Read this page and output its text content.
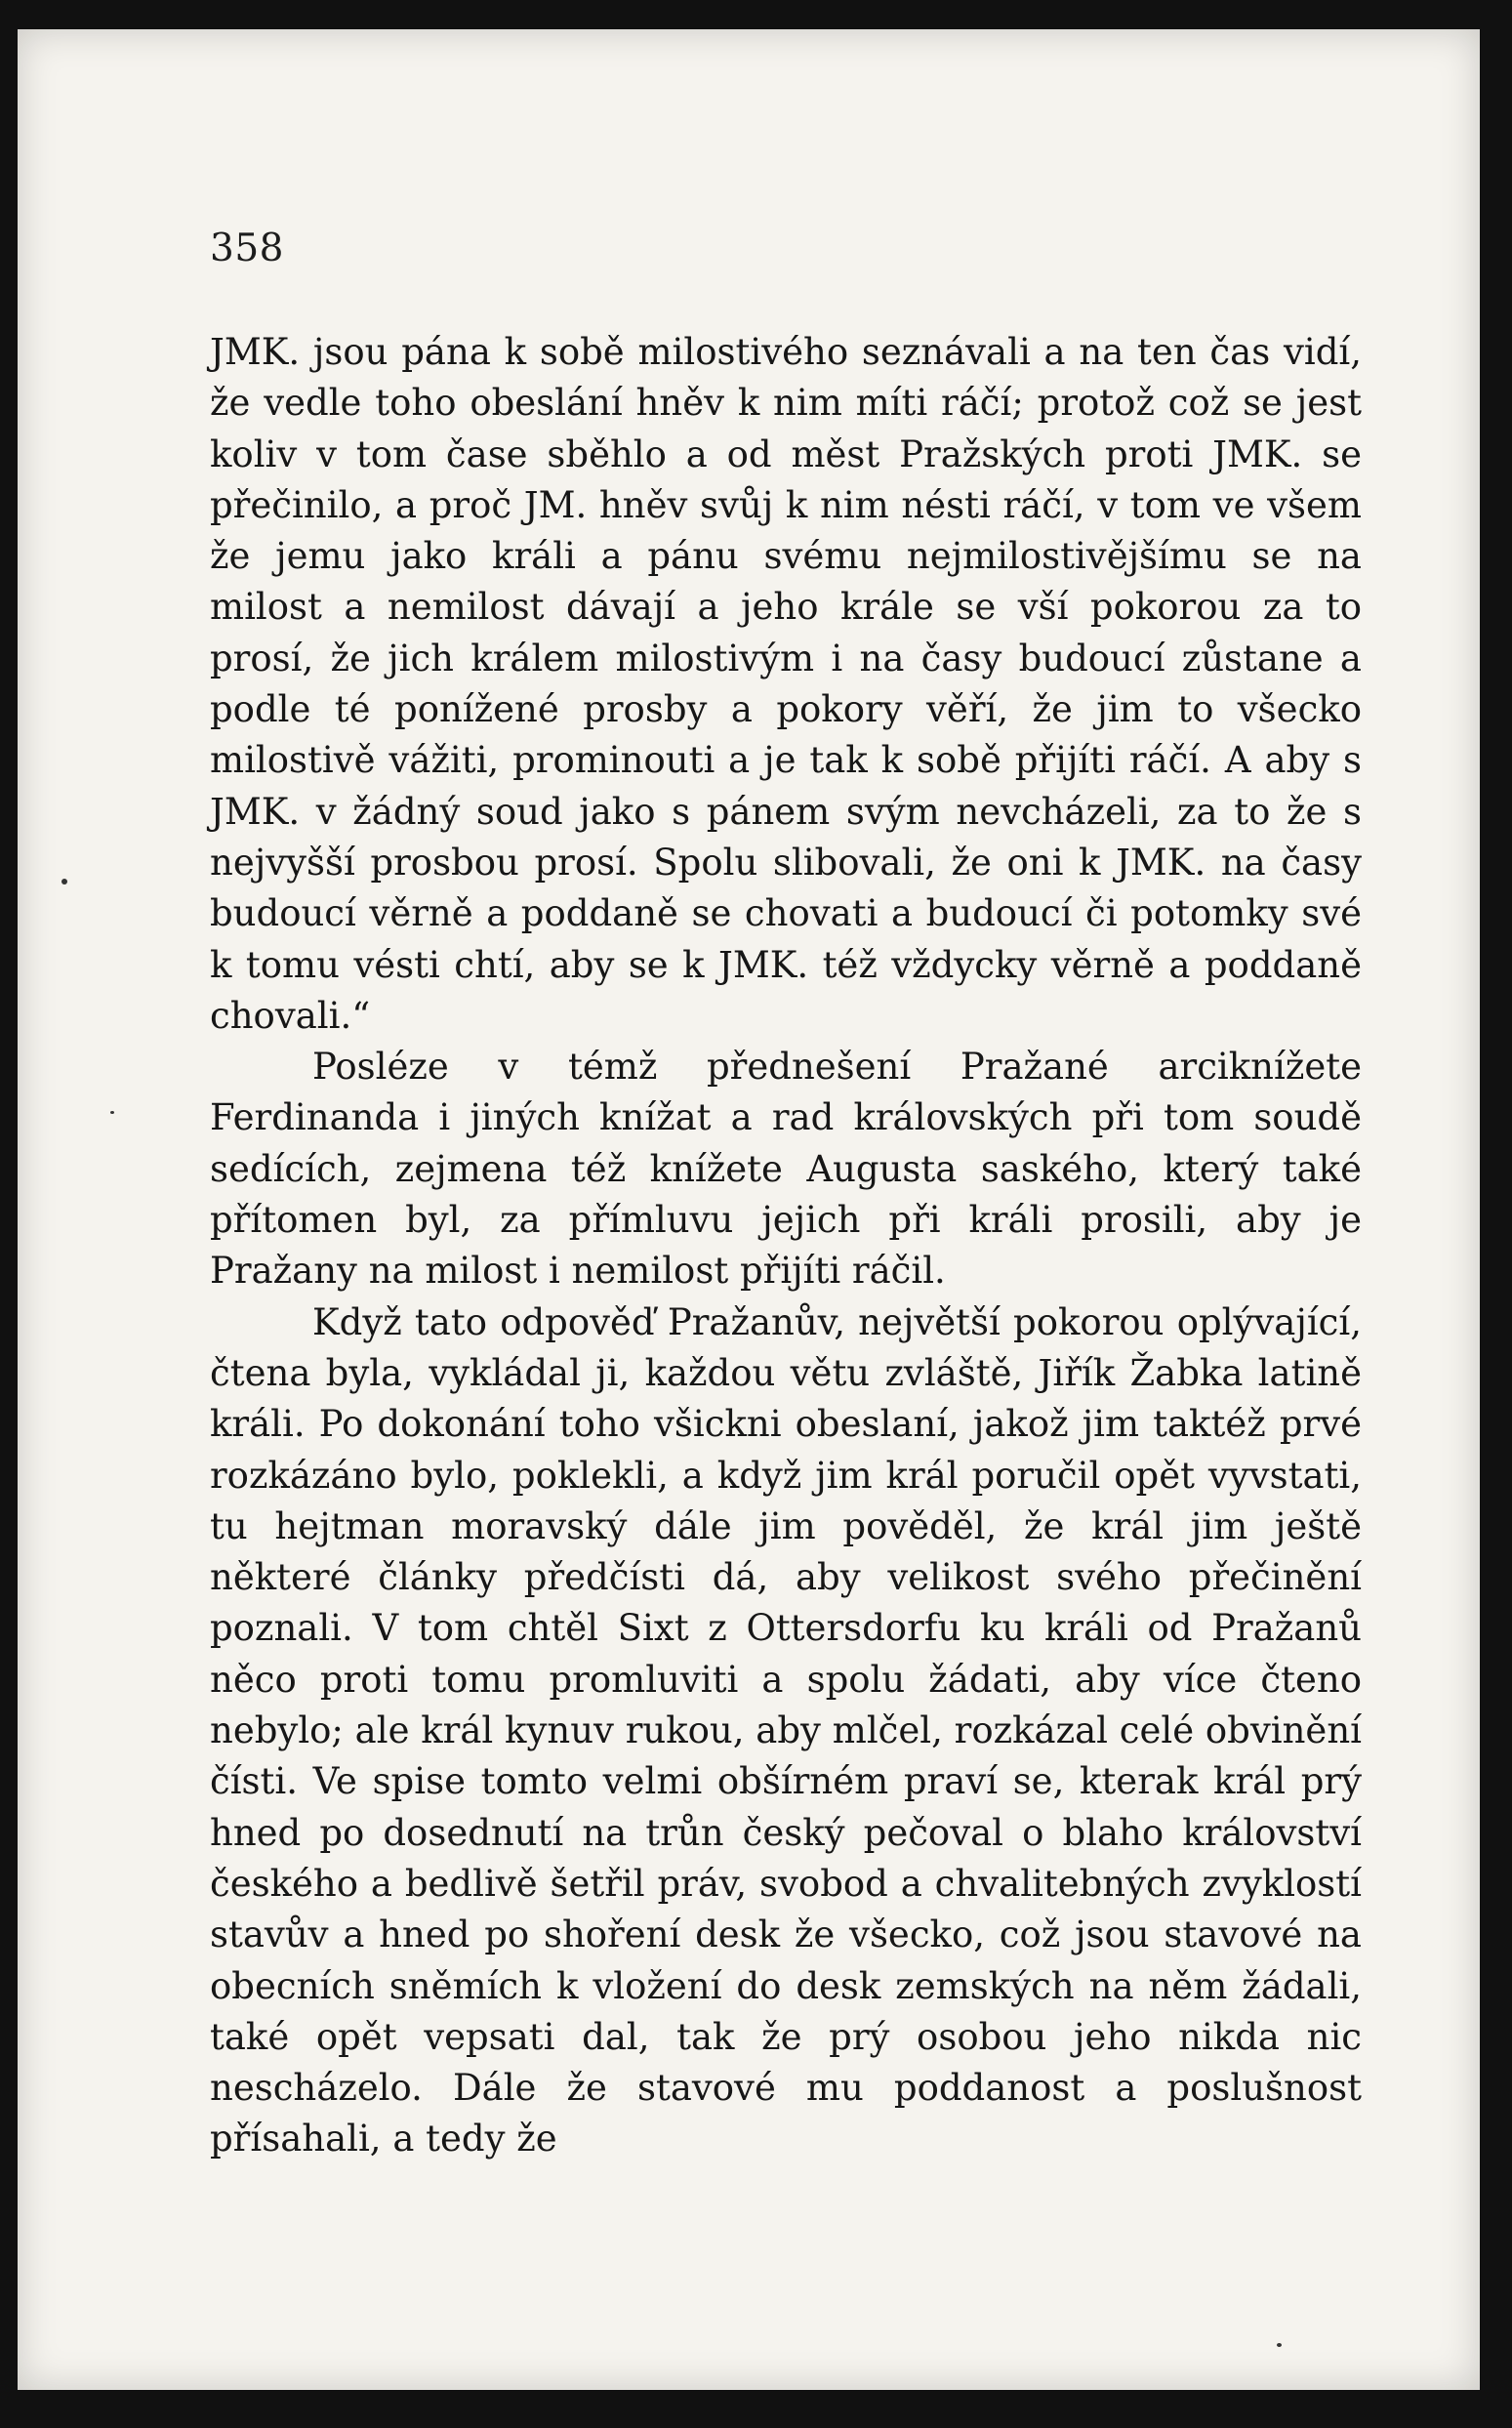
358

JMK. jsou pána k sobě milostivého seznávali a na ten čas vidí, že vedle toho obeslání hněv k nim míti ráčí; protož což se jest koliv v tom čase sběhlo a od měst Pražských proti JMK. se přečinilo, a proč JM. hněv svůj k nim nésti ráčí, v tom ve všem že jemu jako králi a pánu svému nejmilostivějšímu se na milost a nemilost dávají a jeho krále se vší pokorou za to prosí, že jich králem milostivým i na časy budoucí zůstane a podle té ponížené prosby a pokory věří, že jim to všecko milostivě vážiti, prominouti a je tak k sobě přijíti ráčí. A aby s JMK. v žádný soud jako s pánem svým nevcházeli, za to že s nejvyšší prosbou prosí. Spolu slibovali, že oni k JMK. na časy budoucí věrně a poddaně se chovati a budoucí či potomky své k tomu vésti chtí, aby se k JMK. též vždycky věrně a poddaně chovali.“

Posléze v témž přednešení Pražané arciknížete Ferdinanda i jiných knížat a rad královských při tom soudě sedících, zejmena též knížete Augusta saského, který také přítomen byl, za přímluvu jejich při králi prosili, aby je Pražany na milost i nemilost přijíti ráčil.

Když tato odpověď Pražanův, největší pokorou oplývající, čtena byla, vykládal ji, každou větu zvláště, Jiřík Žabka latině králi. Po dokonání toho všickni obeslaní, jakož jim taktéž prvé rozkázáno bylo, poklekli, a když jim král poručil opět vyvstati, tu hejtman moravský dále jim pověděl, že král jim ještě některé články předčísti dá, aby velikost svého přečinění poznali. V tom chtěl Sixt z Ottersdorfu ku králi od Pražanů něco proti tomu promluviti a spolu žádati, aby více čteno nebylo; ale král kynuv rukou, aby mlčel, rozkázal celé obvinění čísti. Ve spise tomto velmi obšírném praví se, kterak král prý hned po dosednutí na trůn český pečoval o blaho království českého a bedlivě šetřil práv, svobod a chvalitebných zvyklostí stavův a hned po shoření desk že všecko, což jsou stavové na obecních sněmích k vložení do desk zemských na něm žádali, také opět vepsati dal, tak že prý osobou jeho nikda nic nescházelo. Dále že stavové mu poddanost a poslušnost přísahali, a tedy že
